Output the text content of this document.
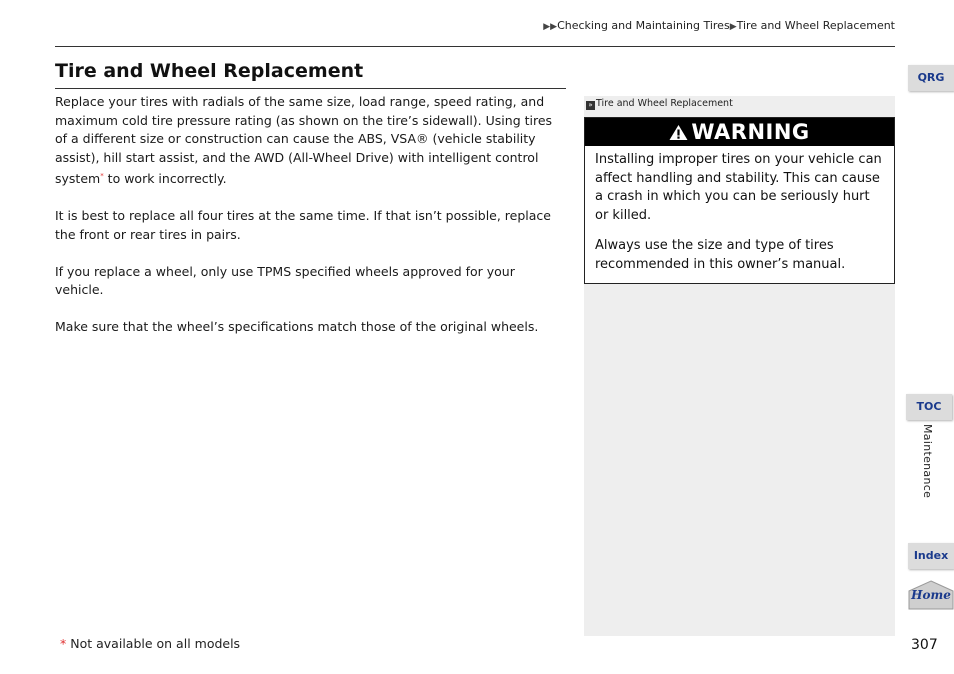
▶▶Checking and Maintaining Tires▶Tire and Wheel Replacement
Tire and Wheel Replacement

Replace your tires with radials of the same size, load range, speed rating, and maximum cold tire pressure rating (as shown on the tire’s sidewall). Using tires of a different size or construction can cause the ABS, VSA® (vehicle stability assist), hill start assist, and the AWD (All-Wheel Drive) with intelligent control system* to work incorrectly.

It is best to replace all four tires at the same time. If that isn’t possible, replace the front or rear tires in pairs.

If you replace a wheel, only use TPMS specified wheels approved for your vehicle.

Make sure that the wheel’s specifications match those of the original wheels.

» Tire and Wheel Replacement
WARNING

Installing improper tires on your vehicle can affect handling and stability. This can cause a crash in which you can be seriously hurt or killed.

Always use the size and type of tires recommended in this owner’s manual.

* Not available on all models	307
QRG
TOC
Maintenance
Index
Home
